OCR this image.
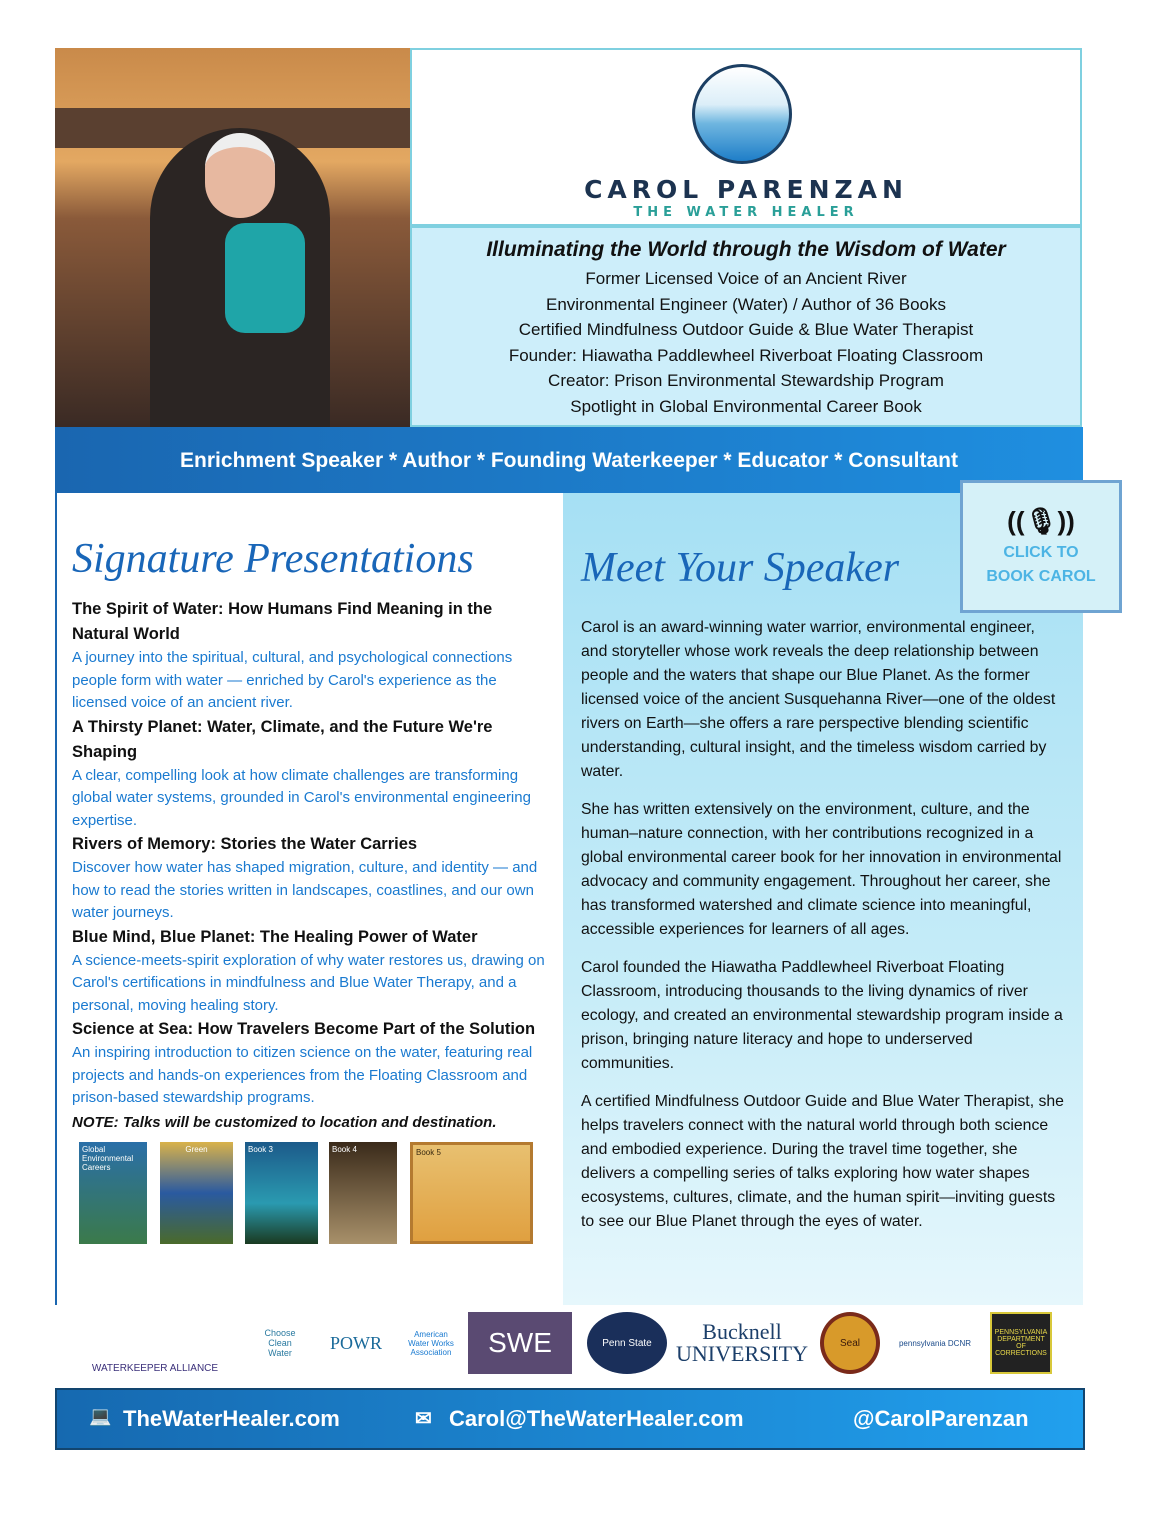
CAROL PARENZAN
THE WATER HEALER
Illuminating the World through the Wisdom of Water
Former Licensed Voice of an Ancient River
Environmental Engineer (Water) / Author of 36 Books
Certified Mindfulness Outdoor Guide & Blue Water Therapist
Founder: Hiawatha Paddlewheel Riverboat Floating Classroom
Creator: Prison Environmental Stewardship Program
Spotlight in Global Environmental Career Book
Enrichment Speaker * Author * Founding Waterkeeper * Educator * Consultant
Signature Presentations
The Spirit of Water: How Humans Find Meaning in the Natural World
A journey into the spiritual, cultural, and psychological connections people form with water — enriched by Carol's experience as the licensed voice of an ancient river.
A Thirsty Planet: Water, Climate, and the Future We're Shaping
A clear, compelling look at how climate challenges are transforming global water systems, grounded in Carol's environmental engineering expertise.
Rivers of Memory: Stories the Water Carries
Discover how water has shaped migration, culture, and identity — and how to read the stories written in landscapes, coastlines, and our own water journeys.
Blue Mind, Blue Planet: The Healing Power of Water
A science-meets-spirit exploration of why water restores us, drawing on Carol's certifications in mindfulness and Blue Water Therapy, and a personal, moving healing story.
Science at Sea: How Travelers Become Part of the Solution
An inspiring introduction to citizen science on the water, featuring real projects and hands-on experiences from the Floating Classroom and prison-based stewardship programs.
NOTE: Talks will be customized to location and destination.
Global Environmental Careers
Green	Book 3	Book 4	Book 5
Meet Your Speaker

Carol is an award-winning water warrior, environmental engineer, and storyteller whose work reveals the deep relationship between people and the waters that shape our Blue Planet. As the former licensed voice of the ancient Susquehanna River—one of the oldest rivers on Earth—she offers a rare perspective blending scientific understanding, cultural insight, and the timeless wisdom carried by water.

She has written extensively on the environment, culture, and the human–nature connection, with her contributions recognized in a global environmental career book for her innovation in environmental advocacy and community engagement. Throughout her career, she has transformed watershed and climate science into meaningful, accessible experiences for learners of all ages.

Carol founded the Hiawatha Paddlewheel Riverboat Floating Classroom, introducing thousands to the living dynamics of river ecology, and created an environmental stewardship program inside a prison, bringing nature literacy and hope to underserved communities.

A certified Mindfulness Outdoor Guide and Blue Water Therapist, she helps travelers connect with the natural world through both science and embodied experience. During the travel time together, she delivers a compelling series of talks exploring how water shapes ecosystems, cultures, climate, and the human spirit—inviting guests to see our Blue Planet through the eyes of water.

((🎙))
CLICK TO
BOOK CAROL
WATERKEEPER ALLIANCE
Choose Clean Water
POWR	American Water Works Association	SWE	Penn State	Bucknell UNIVERSITY	Seal	pennsylvania DCNR
PENNSYLVANIA DEPARTMENT OF CORRECTIONS
💻 TheWaterHealer.com	✉ Carol@TheWaterHealer.com	@CarolParenzan
